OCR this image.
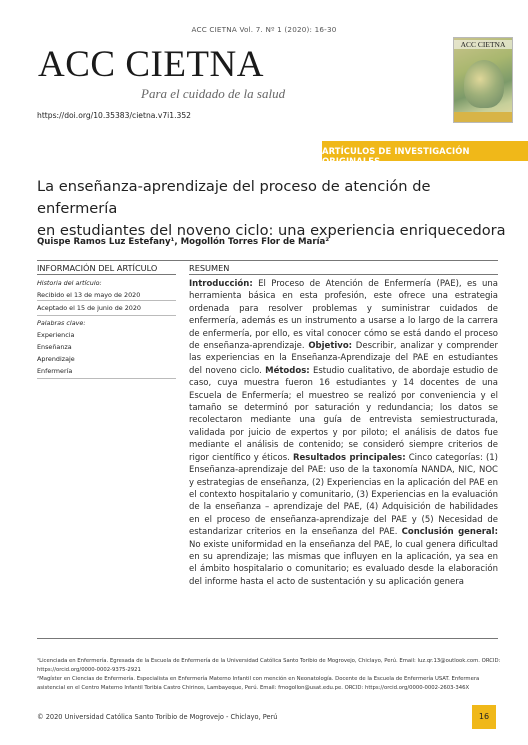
ACC CIETNA Vol. 7. Nº 1 (2020): 16-30
ACC CIETNA
Para el cuidado de la salud
https://doi.org/10.35383/cietna.v7i1.352
ACC CIETNA
ARTÍCULOS DE INVESTIGACIÓN ORIGINALES
La enseñanza-aprendizaje del proceso de atención de enfermería
en estudiantes del noveno ciclo: una experiencia enriquecedora
Quispe Ramos Luz Estefany¹, Mogollón Torres Flor de María²
INFORMACIÓN DEL ARTÍCULO	RESUMEN
Historia del artículo:
Recibido el 13 de mayo de 2020
Aceptado el 15 de junio de 2020
Palabras clave:
Experiencia
Enseñanza
Aprendizaje
Enfermería
Introducción: El Proceso de Atención de Enfermería (PAE), es una herramienta básica en esta profesión, este ofrece una estrategia ordenada para resolver problemas y suministrar cuidados de enfermería, además es un instrumento a usarse a lo largo de la carrera de enfermería, por ello, es vital conocer cómo se está dando el proceso de enseñanza-aprendizaje. Objetivo: Describir, analizar y comprender las experiencias en la Enseñanza-Aprendizaje del PAE en estudiantes del noveno ciclo. Métodos: Estudio cualitativo, de abordaje estudio de caso, cuya muestra fueron 16 estudiantes y 14 docentes de una Escuela de Enfermería; el muestreo se realizó por conveniencia y el tamaño se determinó por saturación y redundancia; los datos se recolectaron mediante una guía de entrevista semiestructurada, validada por juicio de expertos y por piloto; el análisis de datos fue mediante el análisis de contenido; se consideró siempre criterios de rigor científico y éticos. Resultados principales: Cinco categorías: (1) Enseñanza-aprendizaje del PAE: uso de la taxonomía NANDA, NIC, NOC y estrategias de enseñanza, (2) Experiencias en la aplicación del PAE en el contexto hospitalario y comunitario, (3) Experiencias en la evaluación de la enseñanza – aprendizaje del PAE, (4) Adquisición de habilidades en el proceso de enseñanza-aprendizaje del PAE y (5) Necesidad de estandarizar criterios en la enseñanza del PAE. Conclusión general: No existe uniformidad en la enseñanza del PAE, lo cual genera dificultad en su aprendizaje; las mismas que influyen en la aplicación, ya sea en el ámbito hospitalario o comunitario; es evaluado desde la elaboración del informe hasta el acto de sustentación y su aplicación genera
¹Licenciada en Enfermería. Egresada de la Escuela de Enfermería de la Universidad Católica Santo Toribio de Mogrovejo, Chiclayo, Perú. Email: luz.qr.13@outlook.com. ORCID: https://orcid.org/0000-0002-9375-2921
²Magíster en Ciencias de Enfermería. Especialista en Enfermería Materno Infantil con mención en Neonatología. Docente de la Escuela de Enfermería USAT. Enfermera asistencial en el Centro Materno Infantil Toribia Castro Chirinos, Lambayeque, Perú. Email: fmogollon@usat.edu.pe. ORCID: https://orcid.org/0000-0002-2603-346X
© 2020 Universidad Católica Santo Toribio de Mogrovejo - Chiclayo, Perú	16
